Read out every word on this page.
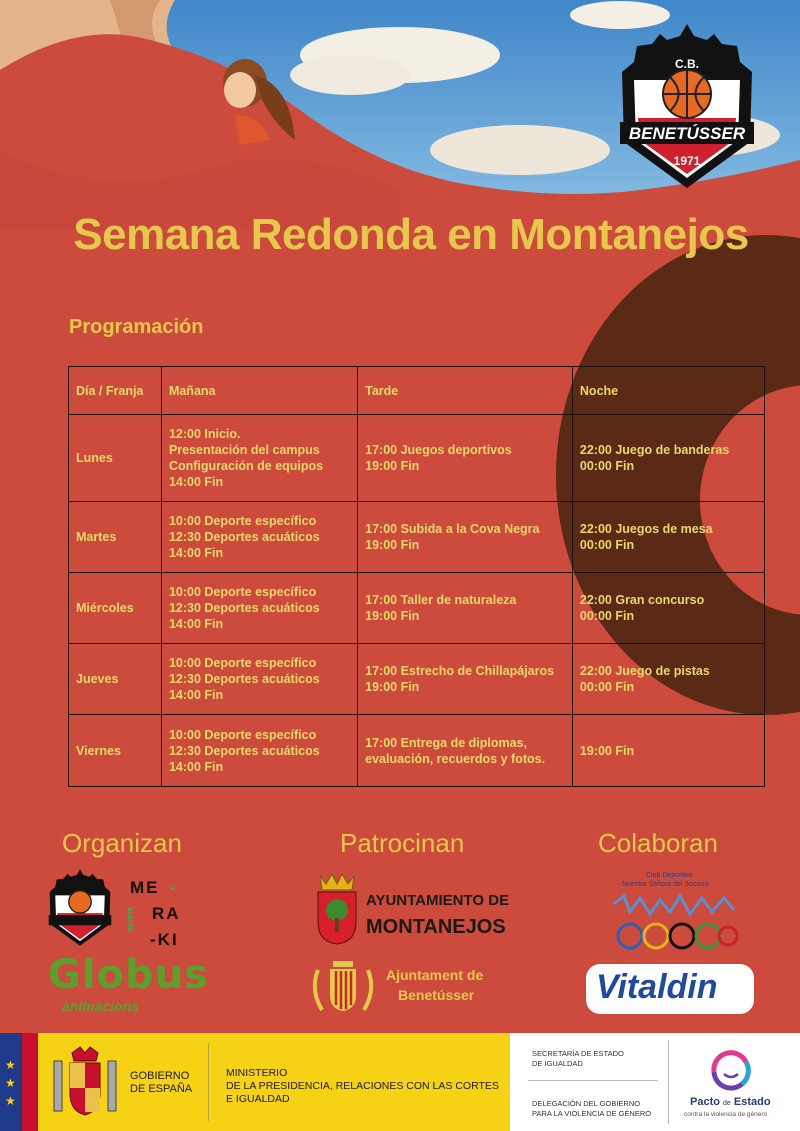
C.B.
BENETÚSSER
1971
Semana Redonda en Montanejos
Programación
Día / Franja	Mañana	Tarde	Noche
Lunes	12:00 Inicio.
Presentación del campus
Configuración de equipos
14:00 Fin	17:00 Juegos deportivos
19:00 Fin	22:00 Juego de banderas
00:00 Fin

Martes	10:00 Deporte específico
12:30 Deportes acuáticos
14:00 Fin	17:00 Subida a la Cova Negra
19:00 Fin	22:00 Juegos de mesa
00:00 Fin

Miércoles	10:00 Deporte específico
12:30 Deportes acuáticos
14:00 Fin	17:00 Taller de naturaleza
19:00 Fin	22:00 Gran concurso
00:00 Fin

Jueves	10:00 Deporte específico
12:30 Deportes acuáticos
14:00 Fin	17:00 Estrecho de Chillapájaros
19:00 Fin	22:00 Juego de pistas
00:00 Fin

Viernes	10:00 Deporte específico
12:30 Deportes acuáticos
14:00 Fin	17:00 Entrega de diplomas,
evaluación, recuerdos y fotos.	19:00 Fin
Organizan	Patrocinan	Colaboran
ME -
RA
-KI
sports
Globus
animacions
AYUNTAMIENTO DE
MONTANEJOS
Ajuntament de
Benetússer
Club Deportivo
Nuestra Señora del Socorro
Vitaldin
★
★
★
GOBIERNO
DE ESPAÑA
MINISTERIO
DE LA PRESIDENCIA, RELACIONES CON LAS CORTES
E IGUALDAD
SECRETARÍA DE ESTADO
DE IGUALDAD
DELEGACIÓN DEL GOBIERNO
PARA LA VIOLENCIA DE GÉNERO
Pacto de Estado
contra la violencia de género
